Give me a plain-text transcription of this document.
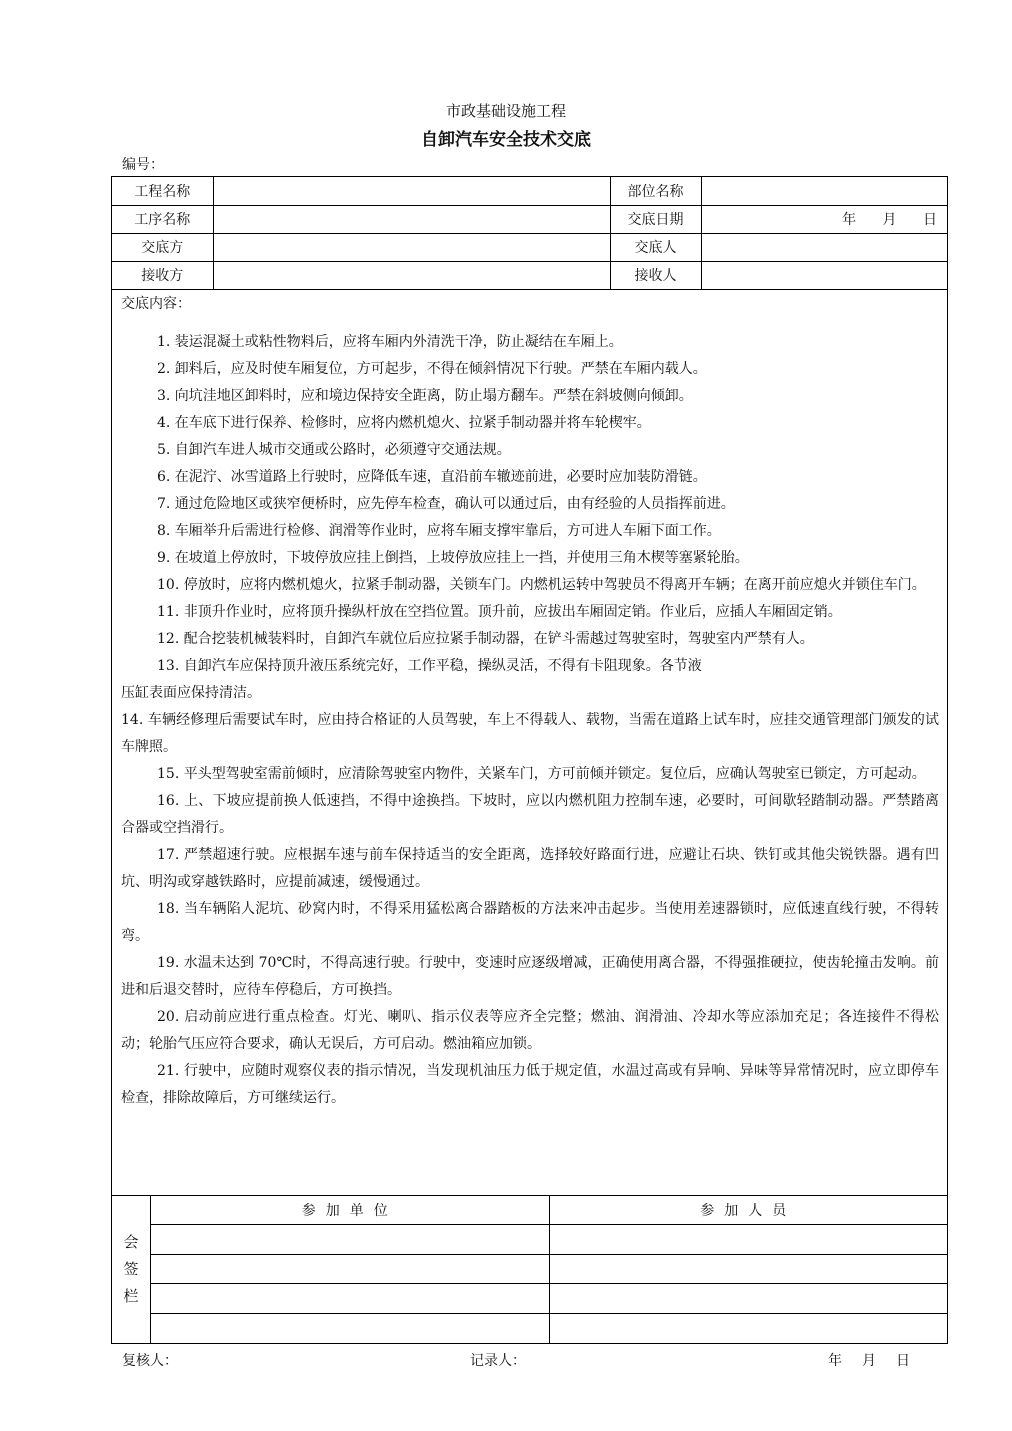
市政基础设施工程
自卸汽车安全技术交底
编号：
工程名称		部位名称	
工序名称		交底日期	年 月 日
交底方		交底人	
接收方		接收人	
交底内容：
1. 装运混凝土或粘性物料后，应将车厢内外清洗干净，防止凝结在车厢上。
2. 卸料后，应及时使车厢复位，方可起步，不得在倾斜情况下行驶。严禁在车厢内载人。
3. 向坑洼地区卸料时，应和境边保持安全距离，防止塌方翻车。严禁在斜坡侧向倾卸。
4. 在车底下进行保养、检修时，应将内燃机熄火、拉紧手制动器并将车轮楔牢。
5. 自卸汽车进人城市交通或公路时，必须遵守交通法规。
6. 在泥泞、冰雪道路上行驶时，应降低车速，直沿前车辙迹前进，必要时应加装防滑链。
7. 通过危险地区或狭窄便桥时，应先停车检查，确认可以通过后，由有经验的人员指挥前进。
8. 车厢举升后需进行检修、润滑等作业时，应将车厢支撑牢靠后，方可进人车厢下面工作。
9. 在坡道上停放时，下坡停放应挂上倒挡，上坡停放应挂上一挡，并使用三角木楔等塞紧轮胎。
10. 停放时，应将内燃机熄火，拉紧手制动器，关锁车门。内燃机运转中驾驶员不得离开车辆；在离开前应熄火并锁住车门。
11. 非顶升作业时，应将顶升操纵杆放在空挡位置。顶升前，应拔出车厢固定销。作业后，应插人车厢固定销。
12. 配合挖装机械装料时，自卸汽车就位后应拉紧手制动器，在铲斗需越过驾驶室时，驾驶室内严禁有人。
13. 自卸汽车应保持顶升液压系统完好，工作平稳，操纵灵活，不得有卡阻现象。各节液
压缸表面应保持清洁。
14. 车辆经修理后需要试车时，应由持合格证的人员驾驶，车上不得载人、载物，当需在道路上试车时，应挂交通管理部门颁发的试车牌照。
15. 平头型驾驶室需前倾时，应清除驾驶室内物件，关紧车门，方可前倾并锁定。复位后，应确认驾驶室已锁定，方可起动。
16. 上、下坡应提前换人低速挡，不得中途换挡。下坡时，应以内燃机阻力控制车速，必要时，可间歇轻踏制动器。严禁踏离合器或空挡滑行。
17. 严禁超速行驶。应根据车速与前车保持适当的安全距离，选择较好路面行进，应避让石块、铁钉或其他尖锐铁器。遇有凹坑、明沟或穿越铁路时，应提前减速，缓慢通过。
18. 当车辆陷人泥坑、砂窝内时，不得采用猛松离合器踏板的方法来冲击起步。当使用差速器锁时，应低速直线行驶，不得转弯。
19. 水温未达到 70℃时，不得高速行驶。行驶中，变速时应逐级增减，正确使用离合器，不得强推硬拉，使齿轮撞击发响。前进和后退交替时，应待车停稳后，方可换挡。
20. 启动前应进行重点检查。灯光、喇叭、指示仪表等应齐全完整；燃油、润滑油、冷却水等应添加充足；各连接件不得松动；轮胎气压应符合要求，确认无误后，方可启动。燃油箱应加锁。
21. 行驶中，应随时观察仪表的指示情况，当发现机油压力低于规定值，水温过高或有异响、异味等异常情况时，应立即停车检查，排除故障后，方可继续运行。
会
签
栏
参加单位	参加人员

复核人：	记录人：	年 月 日
